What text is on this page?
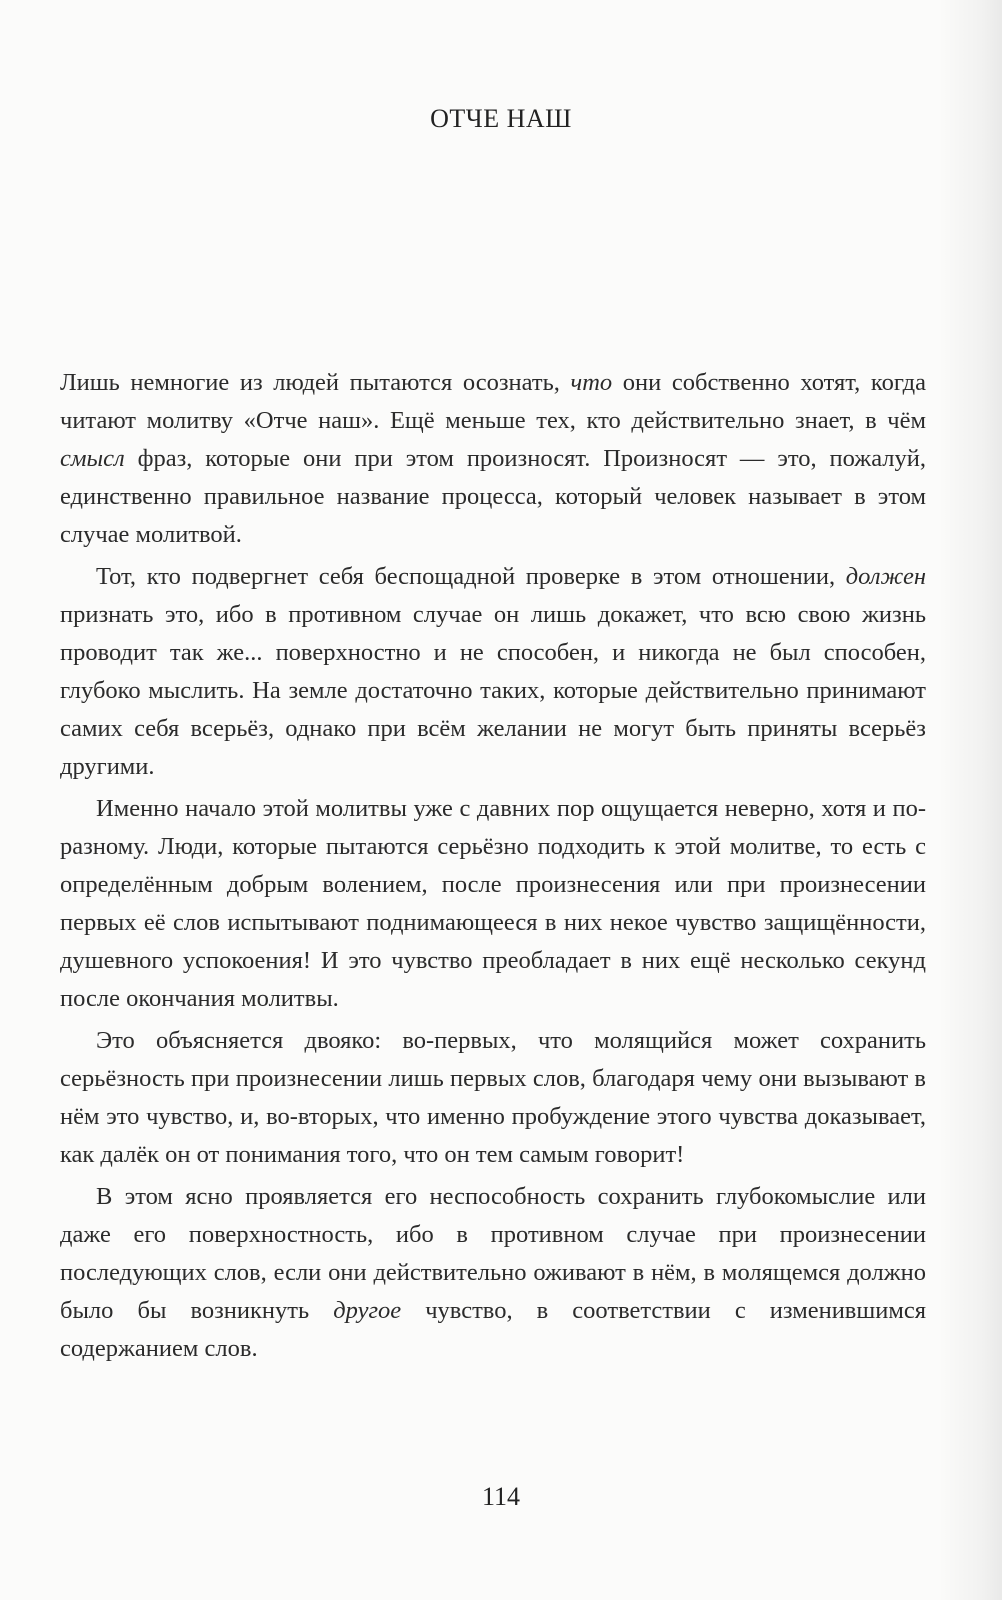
ОТЧЕ НАШ

Лишь немногие из людей пытаются осознать, что они собственно хотят, когда читают молитву «Отче наш». Ещё меньше тех, кто действительно знает, в чём смысл фраз, которые они при этом произносят. Произносят — это, пожалуй, единственно правильное название процесса, который человек называет в этом случае молитвой.

Тот, кто подвергнет себя беспощадной проверке в этом отношении, должен признать это, ибо в противном случае он лишь докажет, что всю свою жизнь проводит так же... поверхностно и не способен, и никогда не был способен, глубоко мыслить. На земле достаточно таких, которые действительно принимают самих себя всерьёз, однако при всём желании не могут быть приняты всерьёз другими.

Именно начало этой молитвы уже с давних пор ощущается неверно, хотя и по-разному. Люди, которые пытаются серьёзно подходить к этой молитве, то есть с определённым добрым волением, после произнесения или при произнесении первых её слов испытывают поднимающееся в них некое чувство защищённости, душевного успокоения! И это чувство преобладает в них ещё несколько секунд после окончания молитвы.

Это объясняется двояко: во-первых, что молящийся может сохранить серьёзность при произнесении лишь первых слов, благодаря чему они вызывают в нём это чувство, и, во-вторых, что именно пробуждение этого чувства доказывает, как далёк он от понимания того, что он тем самым говорит!

В этом ясно проявляется его неспособность сохранить глубокомыслие или даже его поверхностность, ибо в противном случае при произнесении последующих слов, если они действительно оживают в нём, в молящемся должно было бы возникнуть другое чувство, в соответствии с изменившимся содержанием слов.

114
